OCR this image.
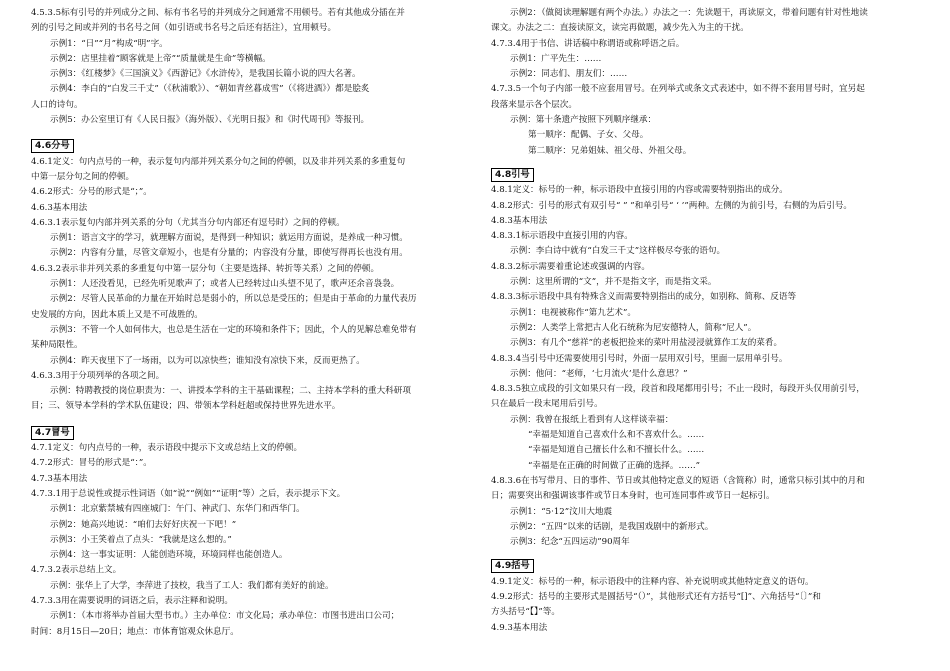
4.5.3.5标有引号的并列成分之间、标有书名号的并列成分之间通常不用顿号。若有其他成分插在并
列的引号之间或并列的书名号之间（如引语或书名号之后还有括注），宜用顿号。
示例1：“日”“月”构成“明”字。
示例2：店里挂着“顾客就是上帝”“质量就是生命”等横幅。
示例3：《红楼梦》《三国演义》《西游记》《水浒传》，是我国长篇小说的四大名著。
示例4：李白的“白发三千丈”（《秋浦歌》）、“朝如青丝暮成雪”（《将进酒》）都是脍炙
人口的诗句。
示例5：办公室里订有《人民日报》（海外版）、《光明日报》和《时代周刊》等报刊。
4.6分号
4.6.1定义：句内点号的一种，表示复句内部并列关系分句之间的停顿，以及非并列关系的多重复句
中第一层分句之间的停顿。
4.6.2形式：分号的形式是“；”。
4.6.3基本用法
4.6.3.1表示复句内部并列关系的分句（尤其当分句内部还有逗号时）之间的停顿。
示例1：语言文字的学习，就理解方面说，是得到一种知识；就运用方面说，是养成一种习惯。
示例2：内容有分量，尽管文章短小，也是有分量的；内容没有分量，即使写得再长也没有用。
4.6.3.2表示非并列关系的多重复句中第一层分句（主要是选择、转折等关系）之间的停顿。
示例1：人还没看见，已经先听见歌声了；或者人已经转过山头望不见了，歌声还余音袅袅。
示例2：尽管人民革命的力量在开始时总是弱小的，所以总是受压的；但是由于革命的力量代表历
史发展的方向，因此本质上又是不可战胜的。
示例3：不管一个人如何伟大，也总是生活在一定的环境和条件下；因此，个人的见解总难免带有
某种局限性。
示例4：昨天夜里下了一场雨，以为可以凉快些；谁知没有凉快下来，反而更热了。
4.6.3.3用于分项列举的各项之间。
示例：特聘教授的岗位职责为：一、讲授本学科的主干基础课程；二、主持本学科的重大科研项
目；三、领导本学科的学术队伍建设；四、带领本学科赶超或保持世界先进水平。
4.7冒号
4.7.1定义：句内点号的一种，表示语段中提示下文或总结上文的停顿。
4.7.2形式：冒号的形式是“：”。
4.7.3基本用法
4.7.3.1用于总说性或提示性词语（如“说”“例如”“证明”等）之后，表示提示下文。
示例1：北京紫禁城有四座城门：午门、神武门、东华门和西华门。
示例2：她高兴地说：“咱们去好好庆祝一下吧！”
示例3：小王笑着点了点头：“我就是这么想的。”
示例4：这一事实证明：人能创造环境，环境同样也能创造人。
4.7.3.2表示总结上文。
示例：张华上了大学，李萍进了技校，我当了工人：我们都有美好的前途。
4.7.3.3用在需要说明的词语之后，表示注释和说明。
示例1：（本市将举办首届大型书市。）主办单位：市文化局；承办单位：市图书进出口公司；
时间：8月15日—20日；地点：市体育馆观众休息厅。
示例2：（做阅读理解题有两个办法。）办法之一：先读题干，再读原文，带着问题有针对性地读
课文。办法之二：直接读原文，读完再做题，减少先入为主的干扰。
4.7.3.4用于书信、讲话稿中称谓语或称呼语之后。
示例1：广平先生：……
示例2：同志们、朋友们：……
4.7.3.5一个句子内部一般不应套用冒号。在列举式或条文式表述中，如不得不套用冒号时，宜另起
段落来显示各个层次。
示例：第十条遗产按照下列顺序继承：
第一顺序：配偶、子女、父母。
第二顺序：兄弟姐妹、祖父母、外祖父母。
4.8引号
4.8.1定义：标号的一种，标示语段中直接引用的内容或需要特别指出的成分。
4.8.2形式：引号的形式有双引号“ ” ”和单引号“ ‘ ’”两种。左侧的为前引号，右侧的为后引号。
4.8.3基本用法
4.8.3.1标示语段中直接引用的内容。
示例：李白诗中就有“白发三千丈”这样极尽夸张的语句。
4.8.3.2标示需要着重论述或强调的内容。
示例：这里所谓的“文”，并不是指文字，而是指文采。
4.8.3.3标示语段中具有特殊含义而需要特别指出的成分，如别称、简称、反语等
示例1：电视被称作“第九艺术”。
示例2：人类学上常把古人化石统称为尼安德特人，简称“尼人”。
示例3：有几个“慈祥”的老板把捡来的菜叶用盐浸浸就算作工友的菜肴。
4.8.3.4当引号中还需要使用引号时，外面一层用双引号，里面一层用单引号。
示例：他问：“老师，‘七月流火’是什么意思？”
4.8.3.5独立成段的引文如果只有一段，段首和段尾都用引号；不止一段时，每段开头仅用前引号，
只在最后一段末尾用后引号。
示例：我曾在报纸上看到有人这样谈幸福：
“幸福是知道自己喜欢什么和不喜欢什么。……
“幸福是知道自己擅长什么和不擅长什么。……
“幸福是在正确的时间做了正确的选择。……”
4.8.3.6在书写带月、日的事件、节日或其他特定意义的短语（含简称）时，通常只标引其中的月和
日；需要突出和强调该事件或节日本身时，也可连同事件或节日一起标引。
示例1：“5·12”汶川大地震
示例2：“五四”以来的话剧，是我国戏剧中的新形式。
示例3：纪念“五四运动”90周年
4.9括号
4.9.1定义：标号的一种，标示语段中的注释内容、补充说明或其他特定意义的语句。
4.9.2形式：括号的主要形式是圆括号“（）”，其他形式还有方括号“[]”、六角括号“〔〕”和
方头括号“【】”等。
4.9.3基本用法
